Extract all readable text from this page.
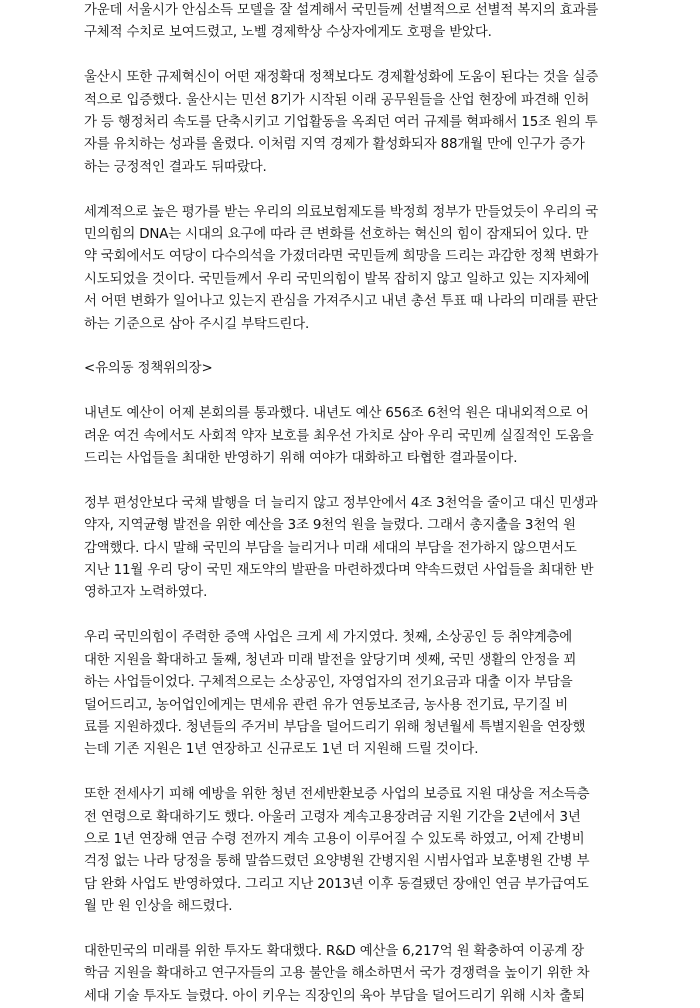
가운데 서울시가 안심소득 모델을 잘 설계해서 국민들께 선별적으로 선별적 복지의 효과를
구체적 수치로 보여드렸고, 노벨 경제학상 수상자에게도 호평을 받았다.
울산시 또한 규제혁신이 어떤 재정확대 정책보다도 경제활성화에 도움이 된다는 것을 실증
적으로 입증했다. 울산시는 민선 8기가 시작된 이래 공무원들을 산업 현장에 파견해 인허
가 등 행정처리 속도를 단축시키고 기업활동을 옥죄던 여러 규제를 혁파해서 15조 원의 투
자를 유치하는 성과를 올렸다. 이처럼 지역 경제가 활성화되자 88개월 만에 인구가 증가
하는 긍정적인 결과도 뒤따랐다.
세계적으로 높은 평가를 받는 우리의 의료보험제도를 박정희 정부가 만들었듯이 우리의 국
민의힘의 DNA는 시대의 요구에 따라 큰 변화를 선호하는 혁신의 힘이 잠재되어 있다. 만
약 국회에서도 여당이 다수의석을 가졌더라면 국민들께 희망을 드리는 과감한 정책 변화가
시도되었을 것이다. 국민들께서 우리 국민의힘이 발목 잡히지 않고 일하고 있는 지자체에
서 어떤 변화가 일어나고 있는지 관심을 가져주시고 내년 총선 투표 때 나라의 미래를 판단
하는 기준으로 삼아 주시길 부탁드린다.
<유의동 정책위의장>
내년도 예산이 어제 본회의를 통과했다. 내년도 예산 656조 6천억 원은 대내외적으로 어
려운 여건 속에서도 사회적 약자 보호를 최우선 가치로 삼아 우리 국민께 실질적인 도움을
드리는 사업들을 최대한 반영하기 위해 여야가 대화하고 타협한 결과물이다.
정부 편성안보다 국채 발행을 더 늘리지 않고 정부안에서 4조 3천억을 줄이고 대신 민생과
약자, 지역균형 발전을 위한 예산을 3조 9천억 원을 늘렸다. 그래서 총지출을 3천억 원
감액했다. 다시 말해 국민의 부담을 늘리거나 미래 세대의 부담을 전가하지 않으면서도
지난 11월 우리 당이 국민 재도약의 발판을 마련하겠다며 약속드렸던 사업들을 최대한 반
영하고자 노력하였다.
우리 국민의힘이 주력한 증액 사업은 크게 세 가지였다. 첫째, 소상공인 등 취약계층에
대한 지원을 확대하고 둘째, 청년과 미래 발전을 앞당기며 셋째, 국민 생활의 안정을 꾀
하는 사업들이었다. 구체적으로는 소상공인, 자영업자의 전기요금과 대출 이자 부담을
덜어드리고, 농어업인에게는 면세유 관련 유가 연동보조금, 농사용 전기료, 무기질 비
료를 지원하겠다. 청년들의 주거비 부담을 덜어드리기 위해 청년월세 특별지원을 연장했
는데 기존 지원은 1년 연장하고 신규로도 1년 더 지원해 드릴 것이다.
또한 전세사기 피해 예방을 위한 청년 전세반환보증 사업의 보증료 지원 대상을 저소득층
전 연령으로 확대하기도 했다. 아울러 고령자 계속고용장려금 지원 기간을 2년에서 3년
으로 1년 연장해 연금 수령 전까지 계속 고용이 이루어질 수 있도록 하였고, 어제 간병비
걱정 없는 나라 당정을 통해 말씀드렸던 요양병원 간병지원 시범사업과 보훈병원 간병 부
담 완화 사업도 반영하였다. 그리고 지난 2013년 이후 동결됐던 장애인 연금 부가급여도
월 만 원 인상을 해드렸다.
대한민국의 미래를 위한 투자도 확대했다. R&D 예산을 6,217억 원 확충하여 이공계 장
학금 지원을 확대하고 연구자들의 고용 불안을 해소하면서 국가 경쟁력을 높이기 위한 차
세대 기술 투자도 늘렸다. 아이 키우는 직장인의 육아 부담을 덜어드리기 위해 시차 출퇴
